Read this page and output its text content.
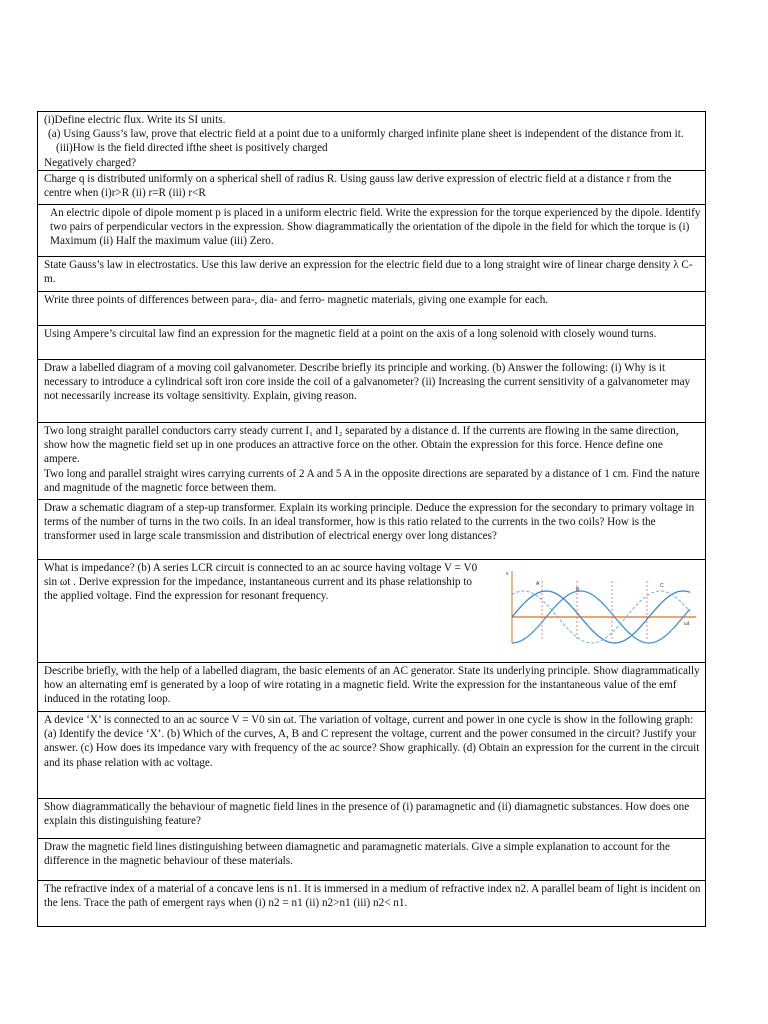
(i)Define electric flux. Write its SI units.

(a) Using Gauss’s law, prove that electric field at a point due to a uniformly charged infinite plane sheet is independent of the distance from it. (iii)How is the field directed ifthe sheet is positively charged

Negatively charged?

Charge q is distributed uniformly on a spherical shell of radius R. Using gauss law derive expression of electric field at a distance r from the centre when (i)r>R (ii) r=R (iii) r<R

An electric dipole of dipole moment p is placed in a uniform electric field. Write the expression for the torque experienced by the dipole. Identify two pairs of perpendicular vectors in the expression. Show diagrammatically the orientation of the dipole in the field for which the torque is (i) Maximum (ii) Half the maximum value (iii) Zero.

State Gauss’s law in electrostatics. Use this law derive an expression for the electric field due to a long straight wire of linear charge density λ C-m.

Write three points of differences between para-, dia- and ferro- magnetic materials, giving one example for each.

Using Ampere’s circuital law find an expression for the magnetic field at a point on the axis of a long solenoid with closely wound turns.

Draw a labelled diagram of a moving coil galvanometer. Describe briefly its principle and working. (b) Answer the following: (i) Why is it necessary to introduce a cylindrical soft iron core inside the coil of a galvanometer? (ii) Increasing the current sensitivity of a galvanometer may not necessarily increase its voltage sensitivity. Explain, giving reason.

Two long straight parallel conductors carry steady current I₁ and I₂ separated by a distance d. If the currents are flowing in the same direction, show how the magnetic field set up in one produces an attractive force on the other. Obtain the expression for this force. Hence define one ampere.

Two long and parallel straight wires carrying currents of 2 A and 5 A in the opposite directions are separated by a distance of 1 cm. Find the nature and magnitude of the magnetic force between them.

Draw a schematic diagram of a step-up transformer. Explain its working principle. Deduce the expression for the secondary to primary voltage in terms of the number of turns in the two coils. In an ideal transformer, how is this ratio related to the currents in the two coils? How is the transformer used in large scale transmission and distribution of electrical energy over long distances?

What is impedance? (b) A series LCR circuit is connected to an ac source having voltage V = V0 sin ωt . Derive expression for the impedance, instantaneous current and its phase relationship to the applied voltage. Find the expression for resonant frequency.

A
B
C
v
ωt

Describe briefly, with the help of a labelled diagram, the basic elements of an AC generator. State its underlying principle. Show diagrammatically how an alternating emf is generated by a loop of wire rotating in a magnetic field. Write the expression for the instantaneous value of the emf induced in the rotating loop.

A device ‘X’ is connected to an ac source V = V0 sin ωt. The variation of voltage, current and power in one cycle is show in the following graph: (a) Identify the device ‘X’. (b) Which of the curves, A, B and C represent the voltage, current and the power consumed in the circuit? Justify your answer. (c) How does its impedance vary with frequency of the ac source? Show graphically. (d) Obtain an expression for the current in the circuit and its phase relation with ac voltage.

Show diagrammatically the behaviour of magnetic field lines in the presence of (i) paramagnetic and (ii) diamagnetic substances. How does one explain this distinguishing feature?

Draw the magnetic field lines distinguishing between diamagnetic and paramagnetic materials. Give a simple explanation to account for the difference in the magnetic behaviour of these materials.

The refractive index of a material of a concave lens is n1. It is immersed in a medium of refractive index n2. A parallel beam of light is incident on the lens. Trace the path of emergent rays when (i) n2 = n1 (ii) n2>n1 (iii) n2< n1.
